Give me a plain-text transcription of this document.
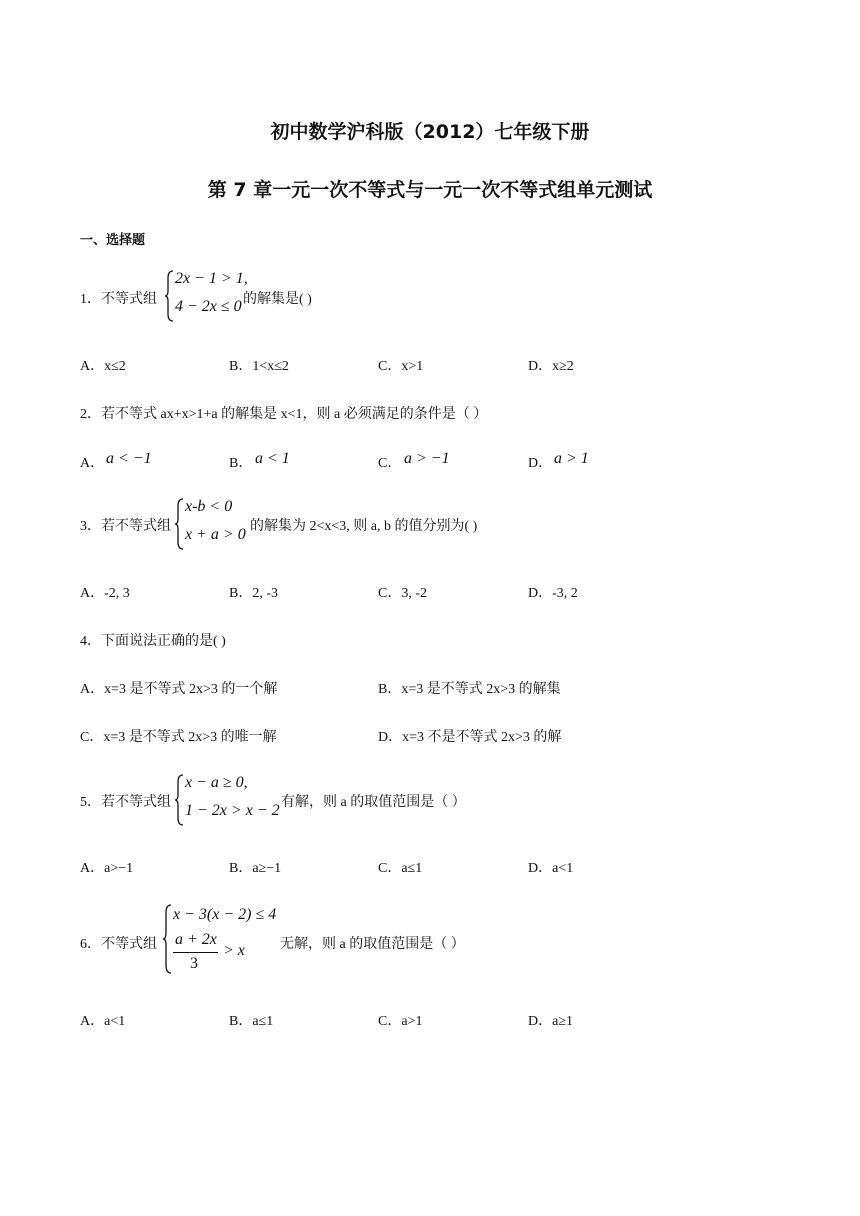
初中数学沪科版（2012）七年级下册
第 7 章一元一次不等式与一元一次不等式组单元测试
一、选择题
1．不等式组
2x − 1 > 1,
4 − 2x ≤ 0 的解集是( )
A．x≤2	B．1<x≤2	C．x>1	D．x≥2
2．若不等式 ax+x>1+a 的解集是 x<1，则 a 必须满足的条件是（ ）
A． a < −1	B． a < 1	C． a > −1	D． a > 1
3．若不等式组
x-b < 0
x + a > 0 的解集为 2<x<3, 则 a, b 的值分别为( )
A．-2, 3	B．2, -3	C．3, -2	D．-3, 2
4．下面说法正确的是( )
A．x=3 是不等式 2x>3 的一个解	B．x=3 是不等式 2x>3 的解集
C．x=3 是不等式 2x>3 的唯一解	D．x=3 不是不等式 2x>3 的解
5．若不等式组
x − a ≥ 0,
1 − 2x > x − 2 有解，则 a 的取值范围是（ ）
A．a>−1	B．a≥−1	C．a≤1	D．a<1
6．不等式组
x − 3(x − 2) ≤ 4
a + 2x
3
> x	无解，则 a 的取值范围是（ ）
A．a<1	B．a≤1	C．a>1	D．a≥1
